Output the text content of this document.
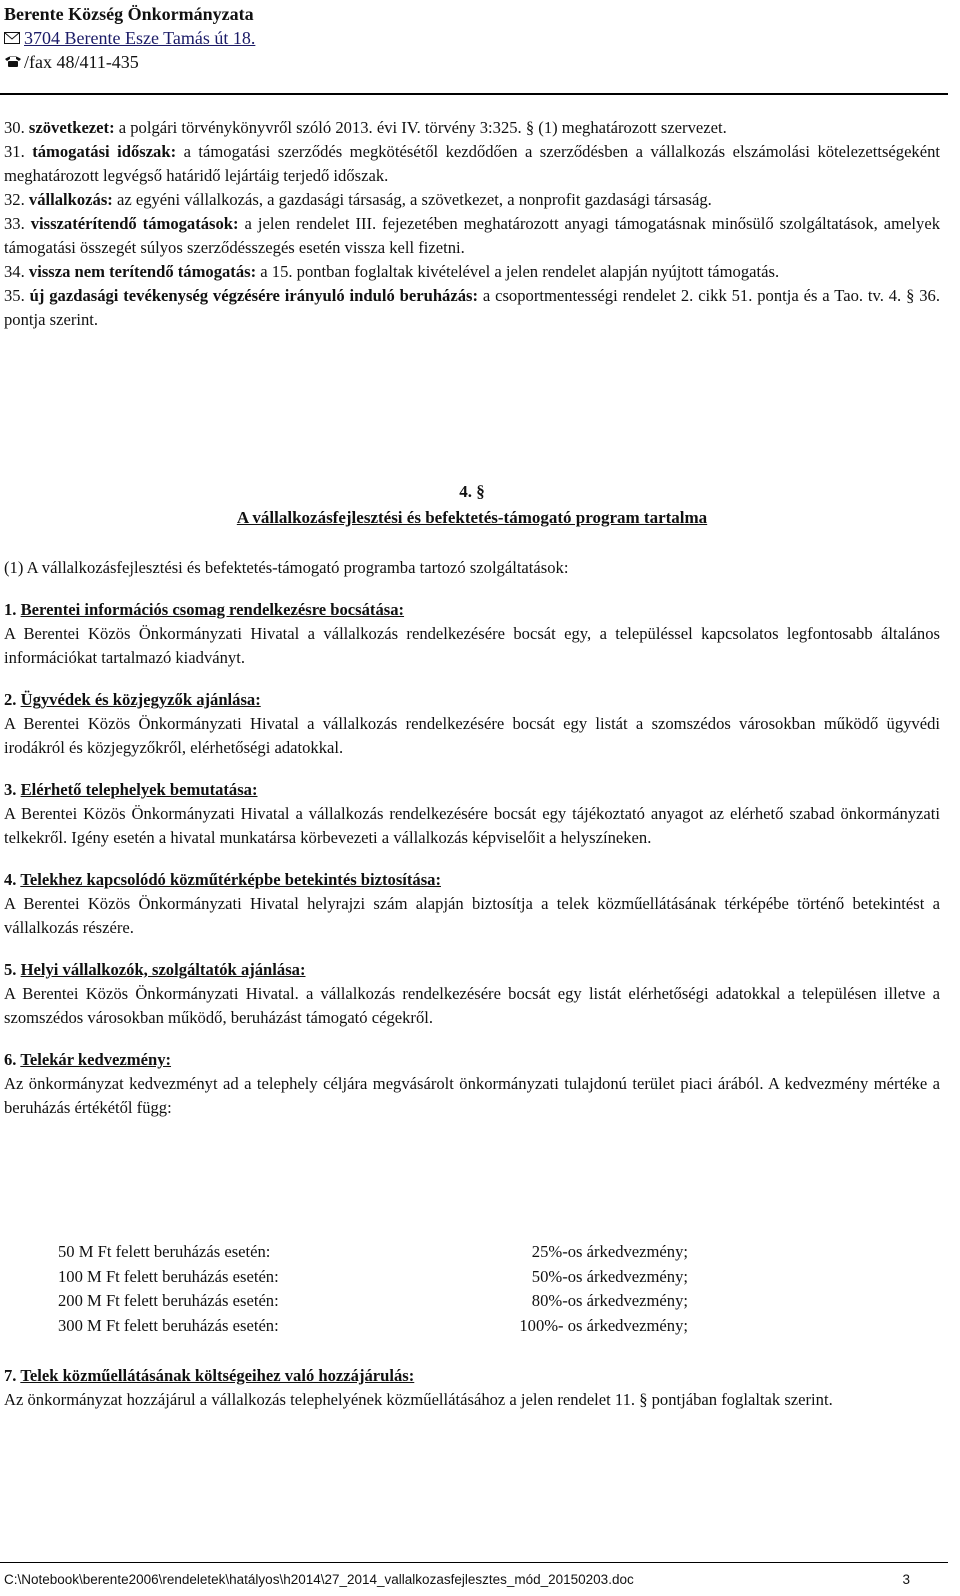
Berente Község Önkormányzata
3704 Berente Esze Tamás út 18.
/fax 48/411-435

30. szövetkezet: a polgári törvénykönyvről szóló 2013. évi IV. törvény 3:325. § (1) meghatározott szervezet.

31. támogatási időszak: a támogatási szerződés megkötésétől kezdődően a szerződésben a vállalkozás elszámolási kötelezettségeként meghatározott legvégső határidő lejártáig terjedő időszak.

32. vállalkozás: az egyéni vállalkozás, a gazdasági társaság, a szövetkezet, a nonprofit gazdasági társaság.

33. visszatérítendő támogatások: a jelen rendelet III. fejezetében meghatározott anyagi támogatásnak minősülő szolgáltatások, amelyek támogatási összegét súlyos szerződésszegés esetén vissza kell fizetni.

34. vissza nem terítendő támogatás: a 15. pontban foglaltak kivételével a jelen rendelet alapján nyújtott támogatás.

35. új gazdasági tevékenység végzésére irányuló induló beruházás: a csoportmentességi rendelet 2. cikk 51. pontja és a Tao. tv. 4. § 36. pontja szerint.

4. §
A vállalkozásfejlesztési és befektetés-támogató program tartalma

(1) A vállalkozásfejlesztési és befektetés-támogató programba tartozó szolgáltatások:

1. Berentei információs csomag rendelkezésre bocsátása:

A Berentei Közös Önkormányzati Hivatal a vállalkozás rendelkezésére bocsát egy, a településsel kapcsolatos legfontosabb általános információkat tartalmazó kiadványt.

2. Ügyvédek és közjegyzők ajánlása:

A Berentei Közös Önkormányzati Hivatal a vállalkozás rendelkezésére bocsát egy listát a szomszédos városokban működő ügyvédi irodákról és közjegyzőkről, elérhetőségi adatokkal.

3. Elérhető telephelyek bemutatása:

A Berentei Közös Önkormányzati Hivatal a vállalkozás rendelkezésére bocsát egy tájékoztató anyagot az elérhető szabad önkormányzati telkekről. Igény esetén a hivatal munkatársa körbevezeti a vállalkozás képviselőit a helyszíneken.

4. Telekhez kapcsolódó közműtérképbe betekintés biztosítása:

A Berentei Közös Önkormányzati Hivatal helyrajzi szám alapján biztosítja a telek közműellátásának térképébe történő betekintést a vállalkozás részére.

5. Helyi vállalkozók, szolgáltatók ajánlása:

A Berentei Közös Önkormányzati Hivatal. a vállalkozás rendelkezésére bocsát egy listát elérhetőségi adatokkal a településen illetve a szomszédos városokban működő, beruházást támogató cégekről.

6. Telekár kedvezmény:

Az önkormányzat kedvezményt ad a telephely céljára megvásárolt önkormányzati tulajdonú terület piaci árából. A kedvezmény mértéke a beruházás értékétől függ:

50 M Ft felett beruházás esetén:	25%-os árkedvezmény;
100 M Ft felett beruházás esetén:	50%-os árkedvezmény;
200 M Ft felett beruházás esetén:	80%-os árkedvezmény;
300 M Ft felett beruházás esetén:	100%- os árkedvezmény;

7. Telek közműellátásának költségeihez való hozzájárulás:

Az önkormányzat hozzájárul a vállalkozás telephelyének közműellátásához a jelen rendelet 11. § pontjában foglaltak szerint.

C:\Notebook\berente2006\rendeletek\hatályos\h2014\27_2014_vallalkozasfejlesztes_mód_20150203.doc	3
